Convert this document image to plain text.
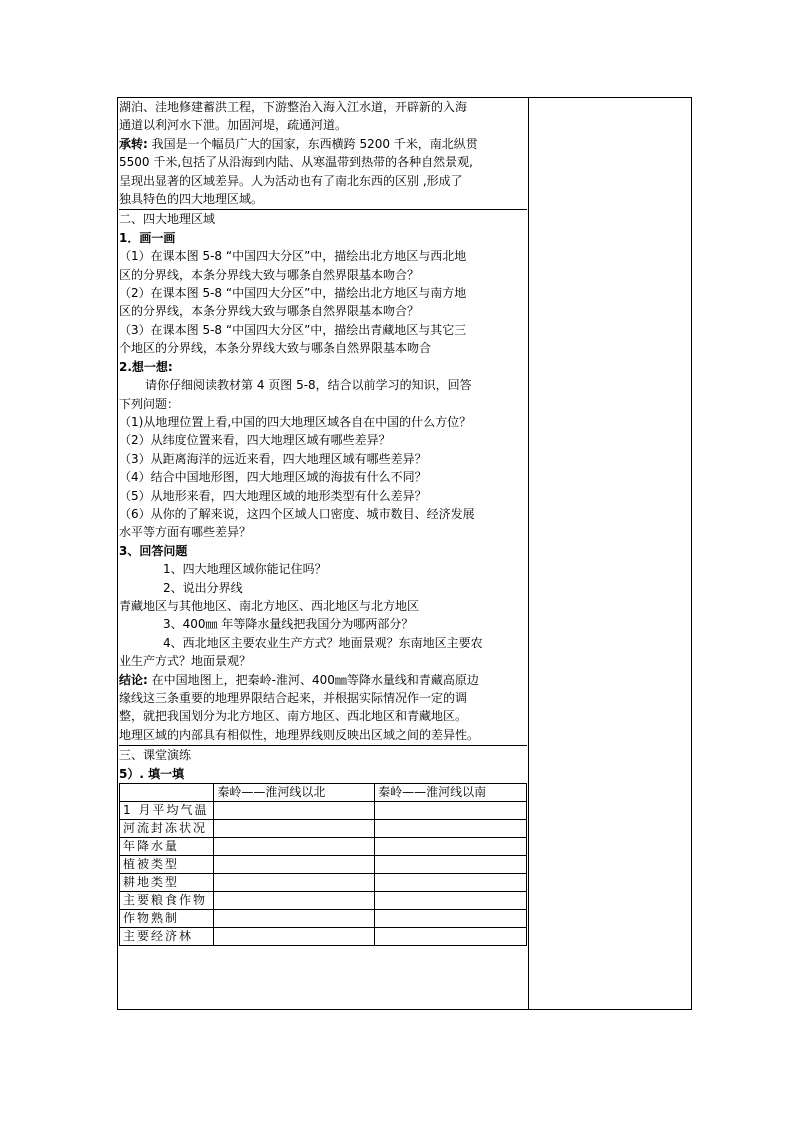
湖泊、洼地修建蓄洪工程，下游整治入海入江水道，开辟新的入海

通道以利河水下泄。加固河堤，疏通河道。

承转: 我国是一个幅员广大的国家，东西横跨 5200 千米，南北纵贯

5500 千米,包括了从沿海到内陆、从寒温带到热带的各种自然景观,

呈现出显著的区域差异。人为活动也有了南北东西的区别 ,形成了

独具特色的四大地理区域。

二、四大地理区域

1．画一画

（1）在课本图 5-8 “中国四大分区”中，描绘出北方地区与西北地

区的分界线，本条分界线大致与哪条自然界限基本吻合？

（2）在课本图 5-8 “中国四大分区”中，描绘出北方地区与南方地

区的分界线，本条分界线大致与哪条自然界限基本吻合？

（3）在课本图 5-8 “中国四大分区”中，描绘出青藏地区与其它三

个地区的分界线，本条分界线大致与哪条自然界限基本吻合

2.想一想:

请你仔细阅读教材第 4 页图 5-8，结合以前学习的知识，回答

下列问题：

（1)从地理位置上看,中国的四大地理区域各自在中国的什么方位？

（2）从纬度位置来看，四大地理区域有哪些差异？

（3）从距离海洋的远近来看，四大地理区域有哪些差异？

（4）结合中国地形图，四大地理区域的海拔有什么不同？

（5）从地形来看，四大地理区域的地形类型有什么差异？

（6）从你的了解来说，这四个区域人口密度、城市数目、经济发展

水平等方面有哪些差异？

3、回答问题

1、四大地理区域你能记住吗？

2、说出分界线

青藏地区与其他地区、南北方地区、西北地区与北方地区

3、400㎜ 年等降水量线把我国分为哪两部分？

4、西北地区主要农业生产方式？地面景观？东南地区主要农

业生产方式？地面景观？

结论: 在中国地图上，把秦岭-淮河、400㎜等降水量线和青藏高原边

缘线这三条重要的地理界限结合起来，并根据实际情况作一定的调

整，就把我国划分为北方地区、南方地区、西北地区和青藏地区。

地理区域的内部具有相似性，地理界线则反映出区域之间的差异性。

三、课堂演练

5）. 填一填

	秦岭——淮河线以北	秦岭——淮河线以南
1 月平均气温		
河流封冻状况		
年降水量		
植被类型		
耕地类型		
主要粮食作物		
作物熟制		
主要经济林		
